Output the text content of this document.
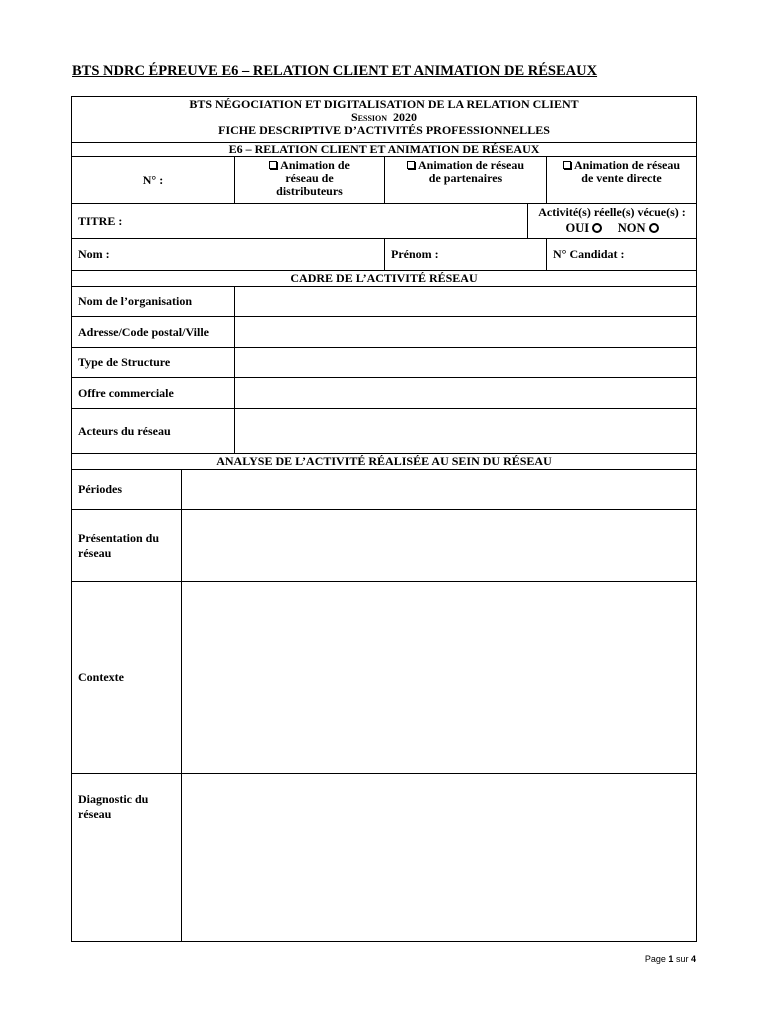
BTS NDRC ÉPREUVE E6 – RELATION CLIENT ET ANIMATION DE RÉSEAUX
BTS NÉGOCIATION ET DIGITALISATION DE LA RELATION CLIENT
Session 2020
FICHE DESCRIPTIVE D’ACTIVITÉS PROFESSIONNELLES
E6 – RELATION CLIENT ET ANIMATION DE RÉSEAUX
N° :
Animation de
réseau de
distributeurs
Animation de réseau
de partenaires
Animation de réseau
de vente directe
TITRE :
Activité(s) réelle(s) vécue(s) :
OUI NON
Nom :	Prénom :	N° Candidat :
CADRE DE L’ACTIVITÉ RÉSEAU
Nom de l’organisation
Adresse/Code postal/Ville
Type de Structure
Offre commerciale
Acteurs du réseau
ANALYSE DE L’ACTIVITÉ RÉALISÉE AU SEIN DU RÉSEAU
Périodes
Présentation du
réseau
Contexte
Diagnostic du
réseau
Page 1 sur 4
